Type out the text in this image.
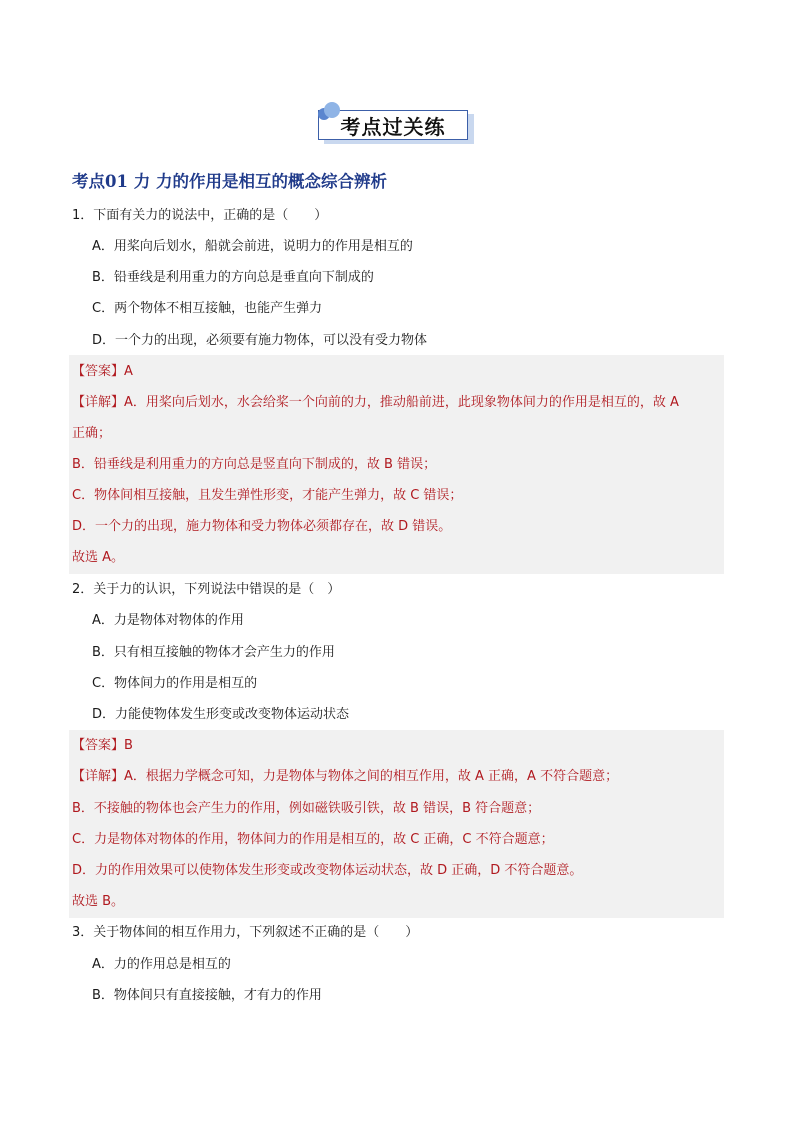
考点过关练
考点01 力 力的作用是相互的概念综合辨析
1．下面有关力的说法中，正确的是（　　）
A．用桨向后划水，船就会前进，说明力的作用是相互的
B．铅垂线是利用重力的方向总是垂直向下制成的
C．两个物体不相互接触，也能产生弹力
D．一个力的出现，必须要有施力物体，可以没有受力物体
【答案】A
【详解】A．用桨向后划水，水会给桨一个向前的力，推动船前进，此现象物体间力的作用是相互的，故 A
正确；
B．铅垂线是利用重力的方向总是竖直向下制成的，故 B 错误；
C．物体间相互接触，且发生弹性形变，才能产生弹力，故 C 错误；
D．一个力的出现，施力物体和受力物体必须都存在，故 D 错误。
故选 A。
2．关于力的认识，下列说法中错误的是（　）
A．力是物体对物体的作用
B．只有相互接触的物体才会产生力的作用
C．物体间力的作用是相互的
D．力能使物体发生形变或改变物体运动状态
【答案】B
【详解】A．根据力学概念可知，力是物体与物体之间的相互作用，故 A 正确，A 不符合题意；
B．不接触的物体也会产生力的作用，例如磁铁吸引铁，故 B 错误，B 符合题意；
C．力是物体对物体的作用，物体间力的作用是相互的，故 C 正确，C 不符合题意；
D．力的作用效果可以使物体发生形变或改变物体运动状态，故 D 正确，D 不符合题意。
故选 B。
3．关于物体间的相互作用力，下列叙述不正确的是（　　）
A．力的作用总是相互的
B．物体间只有直接接触，才有力的作用
